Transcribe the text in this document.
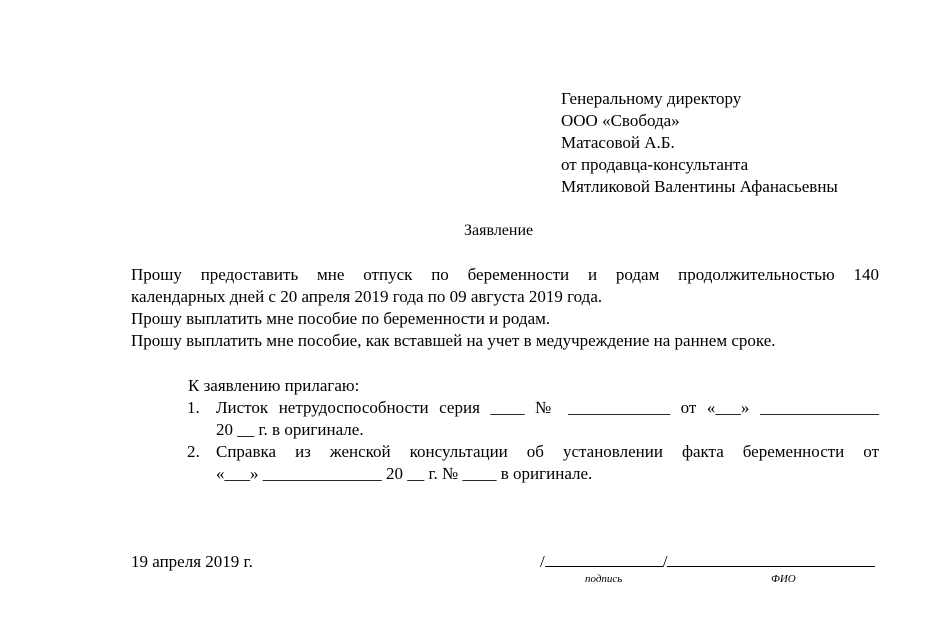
Генеральному директору
ООО «Свобода»
Матасовой А.Б.
от продавца-консультанта
Мятликовой Валентины Афанасьевны
Заявление
Прошу предоставить мне отпуск по беременности и родам продолжительностью 140
календарных дней с 20 апреля 2019 года по 09 августа 2019 года.
Прошу выплатить мне пособие по беременности и родам.
Прошу выплатить мне пособие, как вставшей на учет в медучреждение на раннем сроке.
К заявлению прилагаю:
1. Листок нетрудоспособности серия ____ № ____________ от «___» ______________
20 __ г. в оригинале.
2. Справка из женской консультации об установлении факта беременности от
«___» ______________ 20 __ г. № ____ в оригинале.
19 апреля 2019 г.	/	/
подпись	ФИО
